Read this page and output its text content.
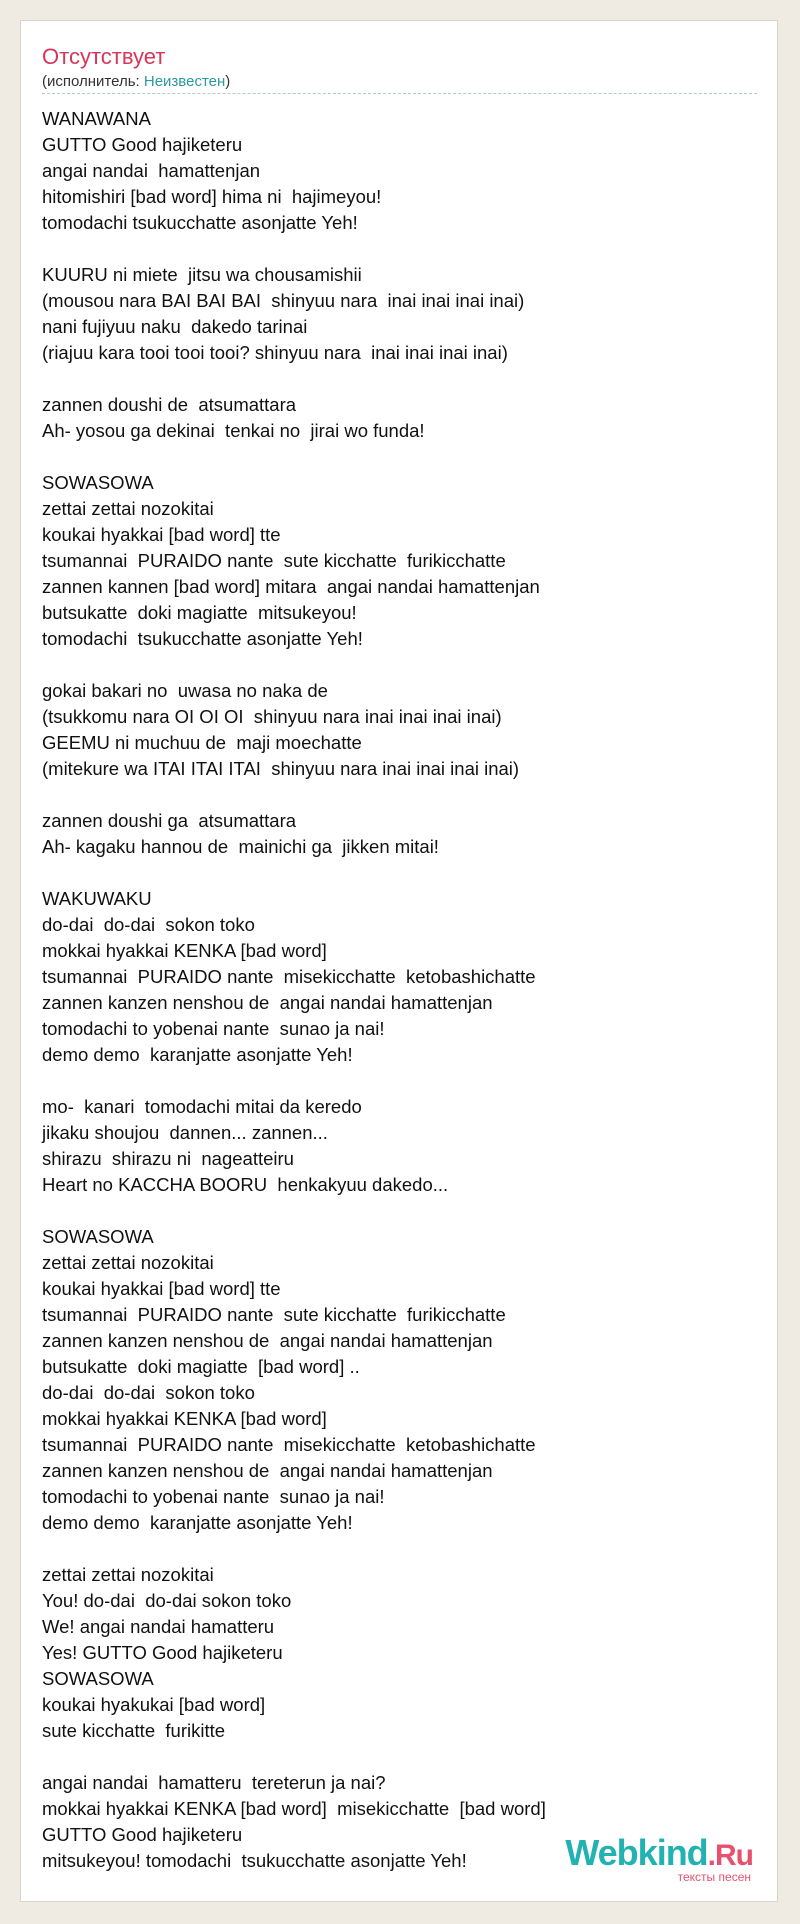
Отсутствует
(исполнитель: Неизвестен)
WANAWANA
GUTTO Good hajiketeru
angai nandai  hamattenjan
hitomishiri [bad word] hima ni  hajimeyou!
tomodachi tsukucchatte asonjatte Yeh!

KUURU ni miete  jitsu wa chousamishii
(mousou nara BAI BAI BAI  shinyuu nara  inai inai inai inai)
nani fujiyuu naku  dakedo tarinai
(riajuu kara tooi tooi tooi? shinyuu nara  inai inai inai inai)

zannen doushi de  atsumattara
Ah- yosou ga dekinai  tenkai no  jirai wo funda!

SOWASOWA
zettai zettai nozokitai
koukai hyakkai [bad word] tte
tsumannai  PURAIDO nante  sute kicchatte  furikicchatte
zannen kannen [bad word] mitara  angai nandai hamattenjan
butsukatte  doki magiatte  mitsukeyou!
tomodachi  tsukucchatte asonjatte Yeh!

gokai bakari no  uwasa no naka de
(tsukkomu nara OI OI OI  shinyuu nara inai inai inai inai)
GEEMU ni muchuu de  maji moechatte
(mitekure wa ITAI ITAI ITAI  shinyuu nara inai inai inai inai)

zannen doushi ga  atsumattara
Ah- kagaku hannou de  mainichi ga  jikken mitai!

WAKUWAKU
do-dai  do-dai  sokon toko
mokkai hyakkai KENKA [bad word]
tsumannai  PURAIDO nante  misekicchatte  ketobashichatte
zannen kanzen nenshou de  angai nandai hamattenjan
tomodachi to yobenai nante  sunao ja nai!
demo demo  karanjatte asonjatte Yeh!

mo-  kanari  tomodachi mitai da keredo
jikaku shoujou  dannen... zannen...
shirazu  shirazu ni  nageatteiru
Heart no KACCHA BOORU  henkakyuu dakedo...

SOWASOWA
zettai zettai nozokitai
koukai hyakkai [bad word] tte
tsumannai  PURAIDO nante  sute kicchatte  furikicchatte
zannen kanzen nenshou de  angai nandai hamattenjan
butsukatte  doki magiatte  [bad word] ..
do-dai  do-dai  sokon toko
mokkai hyakkai KENKA [bad word]
tsumannai  PURAIDO nante  misekicchatte  ketobashichatte
zannen kanzen nenshou de  angai nandai hamattenjan
tomodachi to yobenai nante  sunao ja nai!
demo demo  karanjatte asonjatte Yeh!

zettai zettai nozokitai
You! do-dai  do-dai sokon toko
We! angai nandai hamatteru
Yes! GUTTO Good hajiketeru
SOWASOWA
koukai hyakukai [bad word]
sute kicchatte  furikitte

angai nandai  hamatteru  tereterun ja nai?
mokkai hyakkai KENKA [bad word]  misekicchatte  [bad word]
GUTTO Good hajiketeru
mitsukeyou! tomodachi  tsukucchatte asonjatte Yeh!	Webkind.Ru
тексты песен
